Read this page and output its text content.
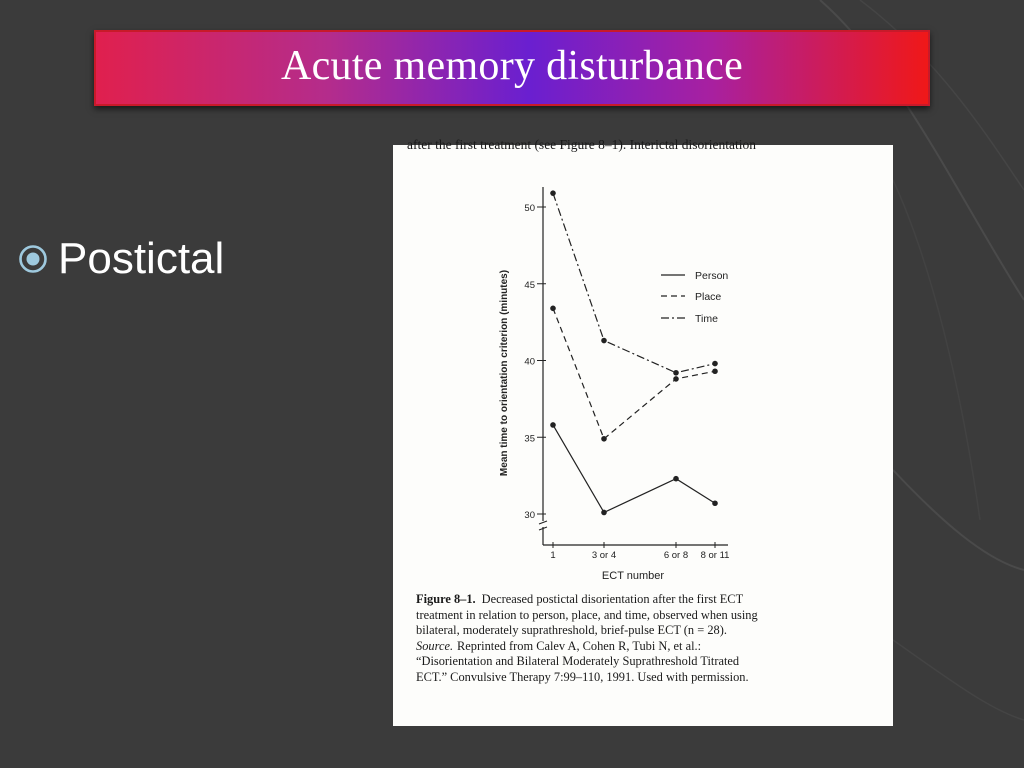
Acute memory disturbance
Postictal
after the first treatment (see Figure 8–1). Interictal disorientation
30
35
40
45
50
1	3 or 4	6 or 8 8 or 11
ECT number
Mean time to orientation criterion (minutes)	Person
Place
Time
Figure 8–1. Decreased postictal disorientation after the first ECT
treatment in relation to person, place, and time, observed when using
bilateral, moderately suprathreshold, brief-pulse ECT (n = 28).
Source. Reprinted from Calev A, Cohen R, Tubi N, et al.:
“Disorientation and Bilateral Moderately Suprathreshold Titrated
ECT.” Convulsive Therapy 7:99–110, 1991. Used with permission.
